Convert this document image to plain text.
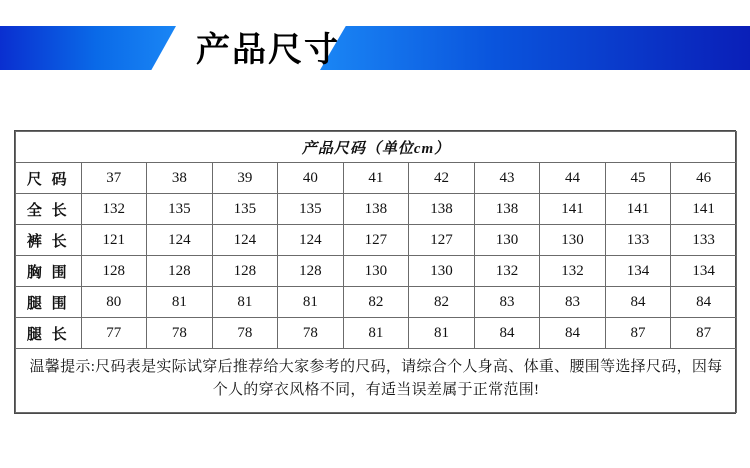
产品尺寸
产品尺码（单位cm）										
尺 码	37	38	39	40	41	42	43	44	45	46
全 长	132	135	135	135	138	138	138	141	141	141
裤 长	121	124	124	124	127	127	130	130	133	133
胸 围	128	128	128	128	130	130	132	132	134	134
腿 围	80	81	81	81	82	82	83	83	84	84
腿 长	77	78	78	78	81	81	84	84	87	87
温馨提示:尺码表是实际试穿后推荐给大家参考的尺码，请综合个人身高、体重、腰围等选择尺码，因每个人的穿衣风格不同，有适当误差属于正常范围!										
